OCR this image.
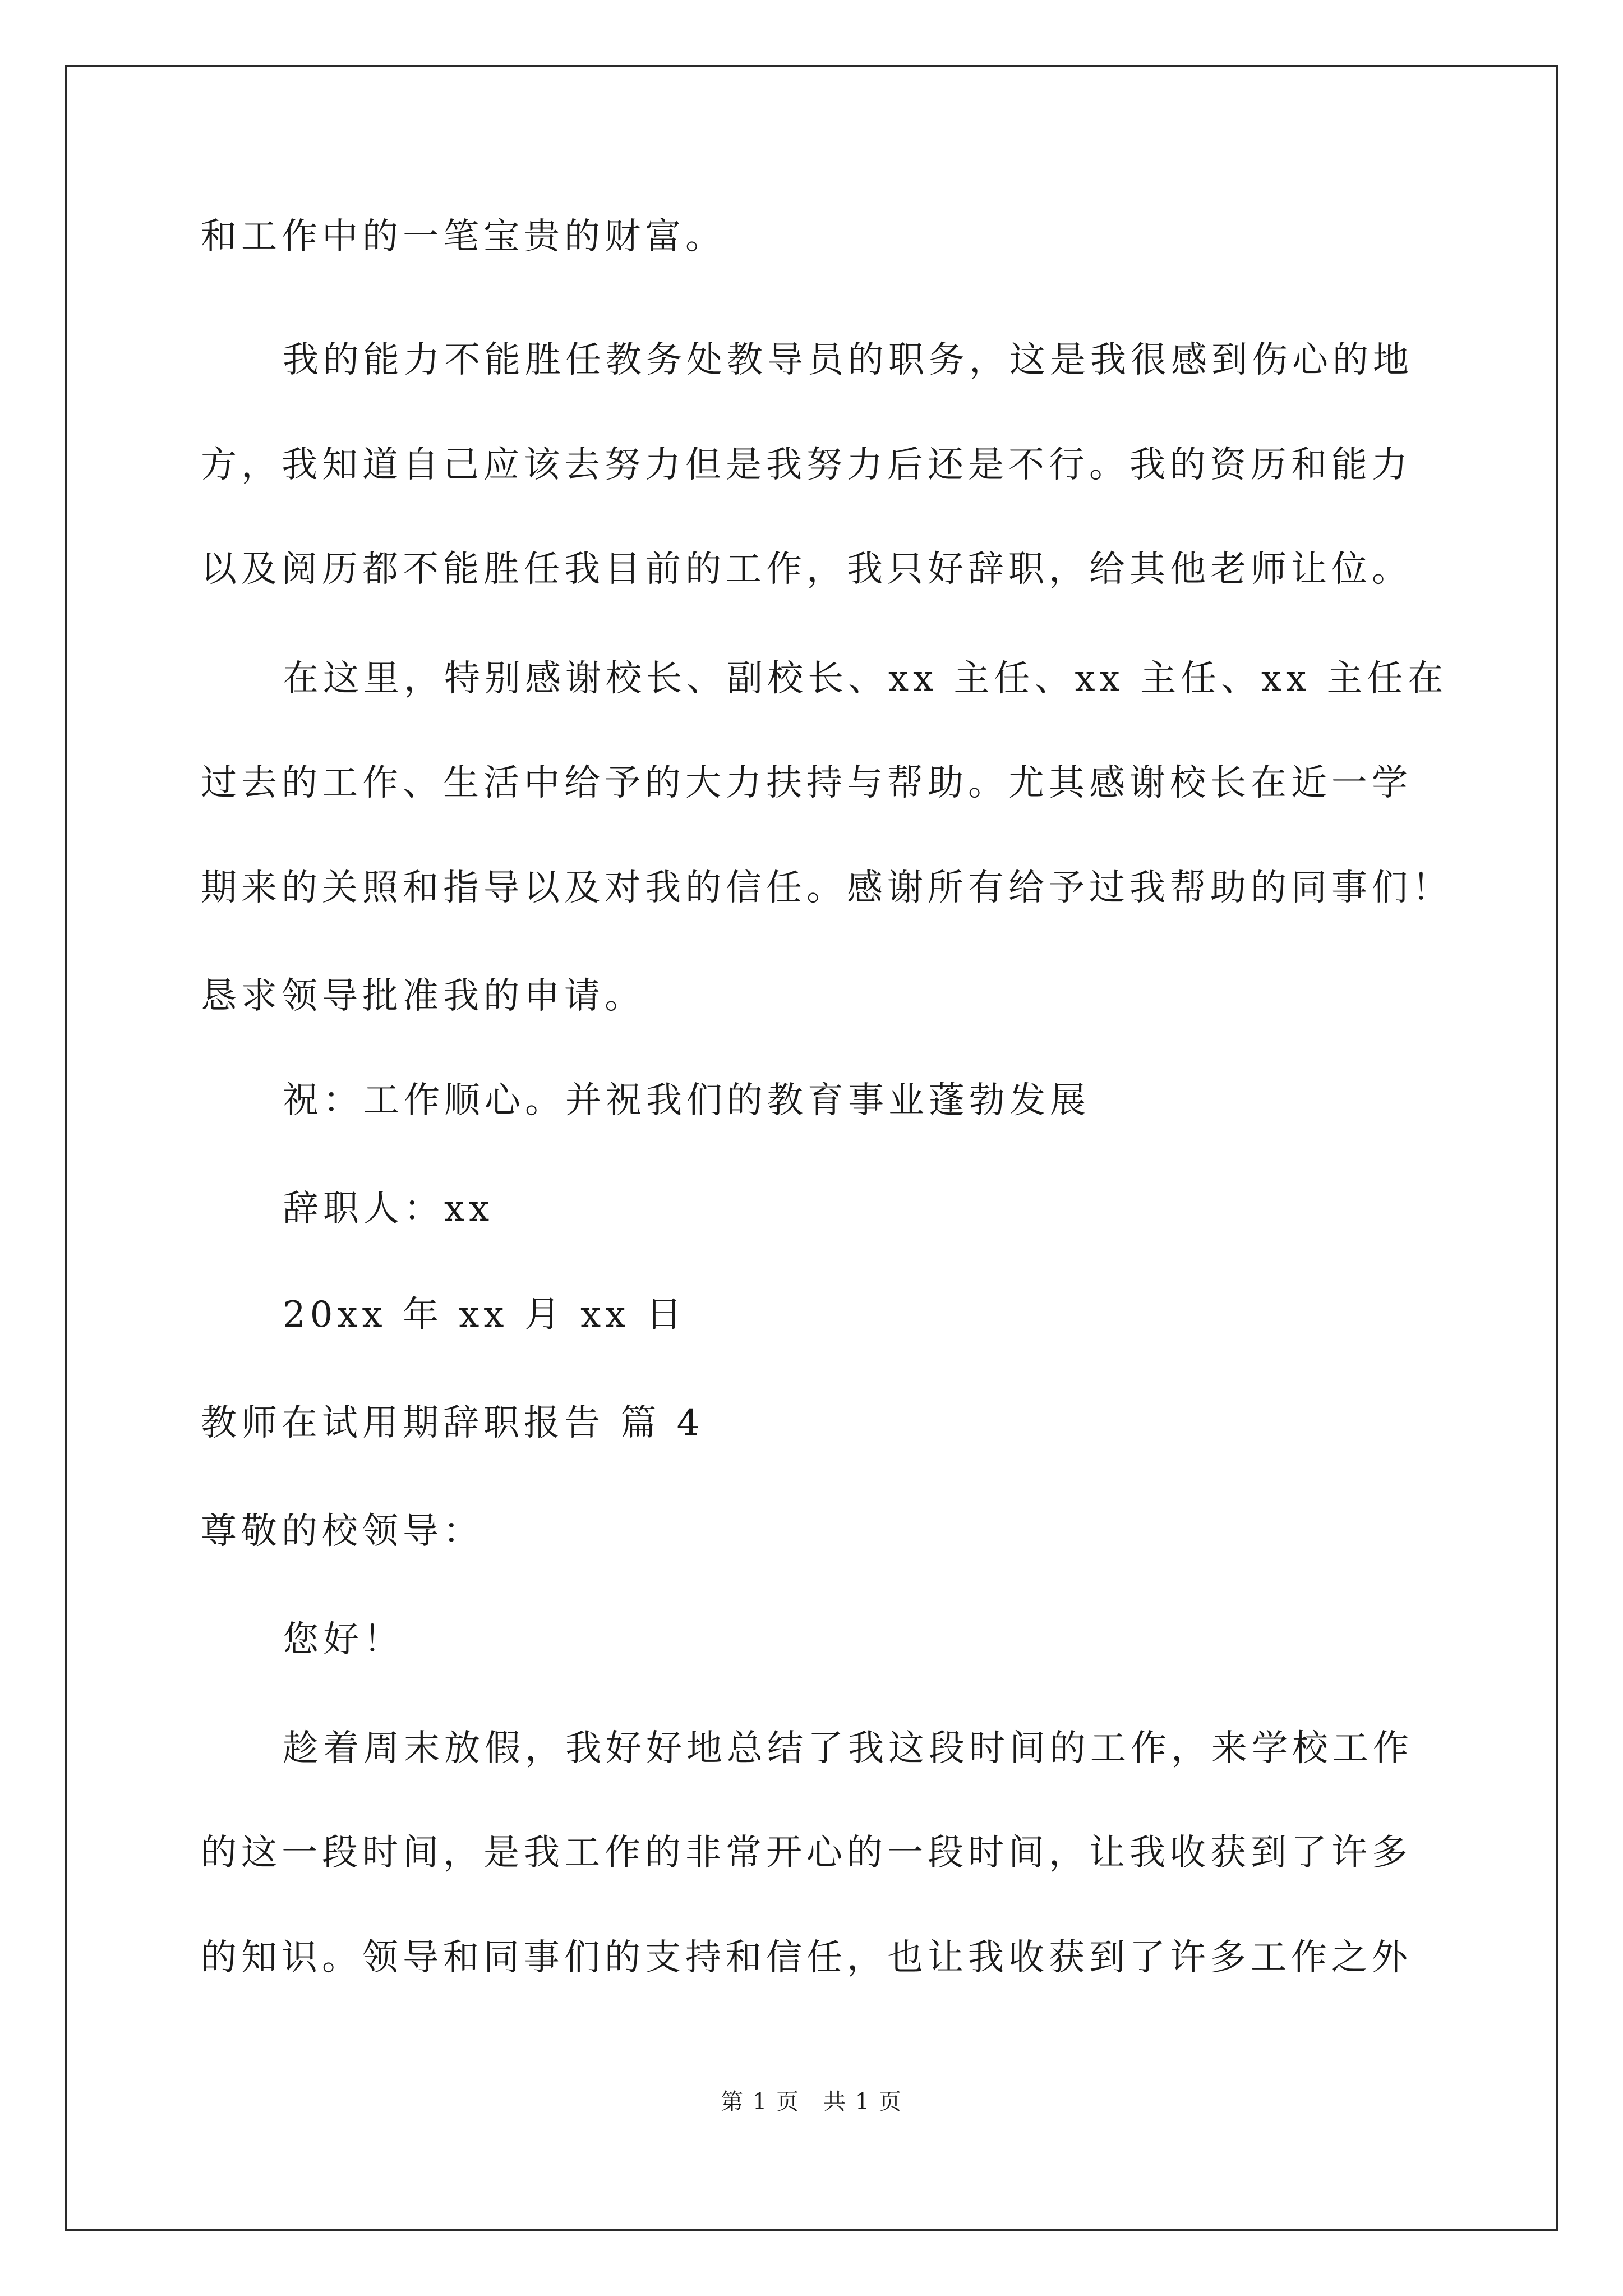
和工作中的一笔宝贵的财富。
我的能力不能胜任教务处教导员的职务，这是我很感到伤心的地
方，我知道自己应该去努力但是我努力后还是不行。我的资历和能力
以及阅历都不能胜任我目前的工作，我只好辞职，给其他老师让位。
在这里，特别感谢校长、副校长、xx 主任、xx 主任、xx 主任在
过去的工作、生活中给予的大力扶持与帮助。尤其感谢校长在近一学
期来的关照和指导以及对我的信任。感谢所有给予过我帮助的同事们！
恳求领导批准我的申请。
祝：工作顺心。并祝我们的教育事业蓬勃发展
辞职人：xx
20xx 年 xx 月 xx 日
教师在试用期辞职报告 篇 4
尊敬的校领导：
您好！
趁着周末放假，我好好地总结了我这段时间的工作，来学校工作
的这一段时间，是我工作的非常开心的一段时间，让我收获到了许多
的知识。领导和同事们的支持和信任，也让我收获到了许多工作之外
第 1 页　共 1 页
